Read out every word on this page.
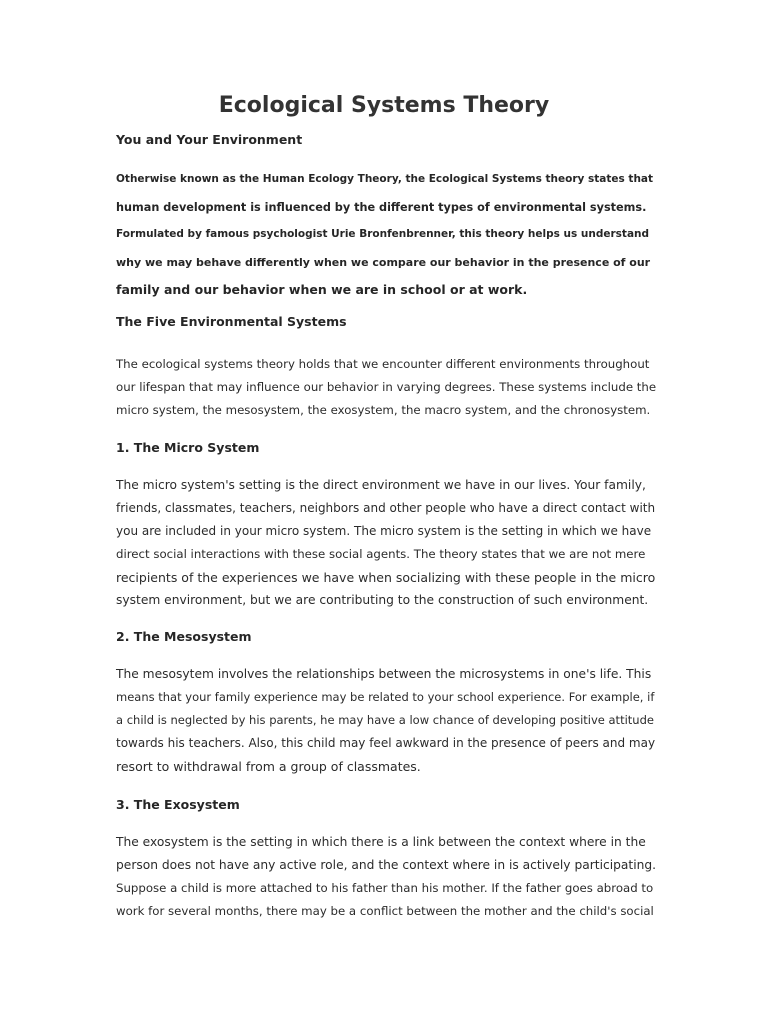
Ecological Systems Theory

You and Your Environment

Otherwise known as the Human Ecology Theory, the Ecological Systems theory states that
human development is influenced by the different types of environmental systems.
Formulated by famous psychologist Urie Bronfenbrenner, this theory helps us understand
why we may behave differently when we compare our behavior in the presence of our
family and our behavior when we are in school or at work.

The Five Environmental Systems

The ecological systems theory holds that we encounter different environments throughout
our lifespan that may influence our behavior in varying degrees. These systems include the
micro system, the mesosystem, the exosystem, the macro system, and the chronosystem.

1. The Micro System

The micro system's setting is the direct environment we have in our lives. Your family,
friends, classmates, teachers, neighbors and other people who have a direct contact with
you are included in your micro system. The micro system is the setting in which we have
direct social interactions with these social agents. The theory states that we are not mere
recipients of the experiences we have when socializing with these people in the micro
system environment, but we are contributing to the construction of such environment.

2. The Mesosystem

The mesosytem involves the relationships between the microsystems in one's life. This
means that your family experience may be related to your school experience. For example, if
a child is neglected by his parents, he may have a low chance of developing positive attitude
towards his teachers. Also, this child may feel awkward in the presence of peers and may
resort to withdrawal from a group of classmates.

3. The Exosystem

The exosystem is the setting in which there is a link between the context where in the
person does not have any active role, and the context where in is actively participating.
Suppose a child is more attached to his father than his mother. If the father goes abroad to
work for several months, there may be a conflict between the mother and the child's social
